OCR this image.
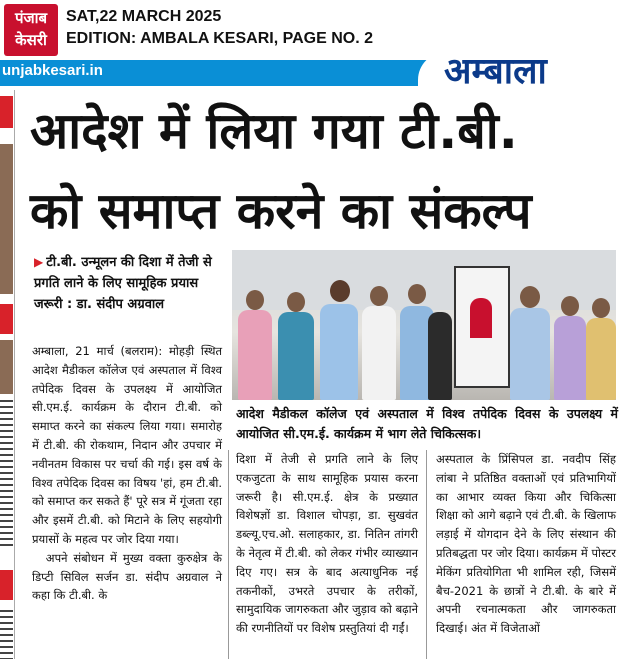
पंजाब
केसरी
SAT,22 MARCH 2025
EDITION: AMBALA KESARI, PAGE NO. 2
unjabkesari.in	अम्बाला
आदेश में लिया गया टी.बी.
को समाप्त करने का संकल्प
▶ टी.बी. उन्मूलन की दिशा में तेजी से प्रगति लाने के लिए सामूहिक प्रयास जरूरी : डा. संदीप अग्रवाल
आदेश मैडीकल कॉलेज एवं अस्पताल में विश्व तपेदिक दिवस के उपलक्ष्य में आयोजित सी.एम.ई. कार्यक्रम में भाग लेते चिकित्सक।

अम्बाला, 21 मार्च (बलराम): मोहड़ी स्थित आदेश मैडीकल कॉलेज एवं अस्पताल में विश्व तपेदिक दिवस के उपलक्ष्य में आयोजित सी.एम.ई. कार्यक्रम के दौरान टी.बी. को समाप्त करने का संकल्प लिया गया। समारोह में टी.बी. की रोकथाम, निदान और उपचार में नवीनतम विकास पर चर्चा की गई। इस वर्ष के विश्व तपेदिक दिवस का विषय 'हां, हम टी.बी. को समाप्त कर सकते हैं' पूरे सत्र में गूंजता रहा और इसमें टी.बी. को मिटाने के लिए सहयोगी प्रयासों के महत्व पर जोर दिया गया।

अपने संबोधन में मुख्य वक्ता कुरुक्षेत्र के डिप्टी सिविल सर्जन डा. संदीप अग्रवाल ने कहा कि टी.बी. के

दिशा में तेजी से प्रगति लाने के लिए एकजुटता के साथ सामूहिक प्रयास करना जरूरी है। सी.एम.ई. क्षेत्र के प्रख्यात विशेषज्ञों डा. विशाल चोपड़ा, डा. सुखवंत डब्ल्यू.एच.ओ. सलाहकार, डा. नितिन तांगरी के नेतृत्व में टी.बी. को लेकर गंभीर व्याख्यान दिए गए। सत्र के बाद अत्याधुनिक नई तकनीकों, उभरते उपचार के तरीकों, सामुदायिक जागरुकता और जुड़ाव को बढ़ाने की रणनीतियों पर विशेष प्रस्तुतियां दी गईं।

अस्पताल के प्रिंसिपल डा. नवदीप सिंह लांबा ने प्रतिष्ठित वक्ताओं एवं प्रतिभागियों का आभार व्यक्त किया और चिकित्सा शिक्षा को आगे बढ़ाने एवं टी.बी. के खिलाफ लड़ाई में योगदान देने के लिए संस्थान की प्रतिबद्धता पर जोर दिया। कार्यक्रम में पोस्टर मेकिंग प्रतियोगिता भी शामिल रही, जिसमें बैच-2021 के छात्रों ने टी.बी. के बारे में अपनी रचनात्मकता और जागरुकता दिखाई। अंत में विजेताओं
